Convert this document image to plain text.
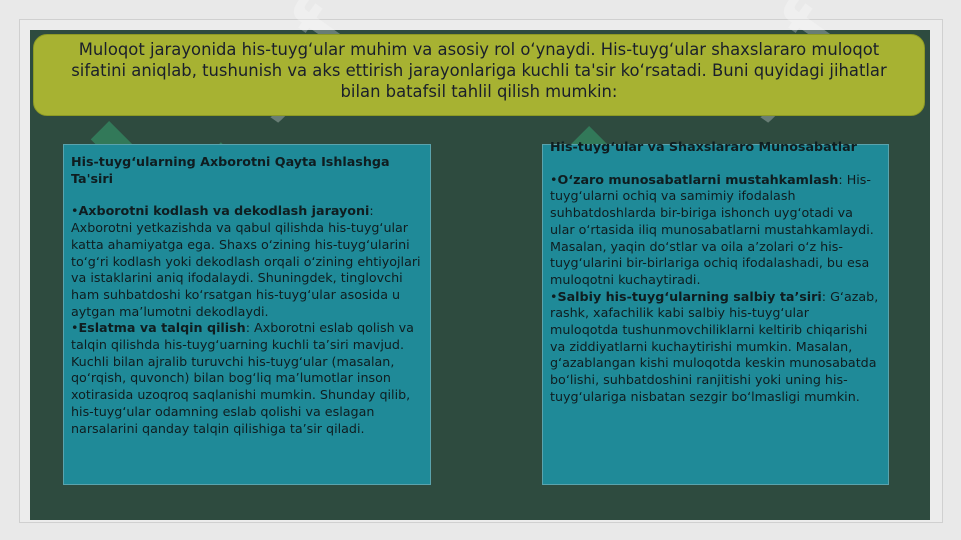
Muloqot jarayonida his-tuyg‘ular muhim va asosiy rol o‘ynaydi. His-tuyg‘ular shaxslararo muloqot sifatini aniqlab, tushunish va aks ettirish jarayonlariga kuchli ta'sir ko‘rsatadi. Buni quyidagi jihatlar bilan batafsil tahlil qilish mumkin:
His-tuyg‘ularning Axborotni Qayta Ishlashga Ta'siri
•Axborotni kodlash va dekodlash jarayoni: Axborotni yetkazishda va qabul qilishda his-tuyg‘ular katta ahamiyatga ega. Shaxs o‘zining his-tuyg‘ularini to‘g‘ri kodlash yoki dekodlash orqali o‘zining ehtiyojlari va istaklarini aniq ifodalaydi. Shuningdek, tinglovchi ham suhbatdoshi ko‘rsatgan his-tuyg‘ular asosida u aytgan ma’lumotni dekodlaydi.
•Eslatma va talqin qilish: Axborotni eslab qolish va talqin qilishda his-tuyg‘uarning kuchli ta’siri mavjud. Kuchli bilan ajralib turuvchi his-tuyg‘ular (masalan, qo‘rqish, quvonch) bilan bog‘liq ma’lumotlar inson xotirasida uzoqroq saqlanishi mumkin. Shunday qilib, his-tuyg‘ular odamning eslab qolishi va eslagan narsalarini qanday talqin qilishiga ta’sir qiladi.
His-tuyg‘ular va Shaxslararo Munosabatlar
•O‘zaro munosabatlarni mustahkamlash: His-tuyg‘ularni ochiq va samimiy ifodalash suhbatdoshlarda bir-biriga ishonch uyg‘otadi va ular o‘rtasida iliq munosabatlarni mustahkamlaydi. Masalan, yaqin do‘stlar va oila a’zolari o‘z his-tuyg‘ularini bir-birlariga ochiq ifodalashadi, bu esa muloqotni kuchaytiradi.
•Salbiy his-tuyg‘ularning salbiy ta’siri: G‘azab, rashk, xafachilik kabi salbiy his-tuyg‘ular muloqotda tushunmovchiliklarni keltirib chiqarishi va ziddiyatlarni kuchaytirishi mumkin. Masalan, g‘azablangan kishi muloqotda keskin munosabatda bo‘lishi, suhbatdoshini ranjitishi yoki uning his-tuyg‘ulariga nisbatan sezgir bo‘lmasligi mumkin.
